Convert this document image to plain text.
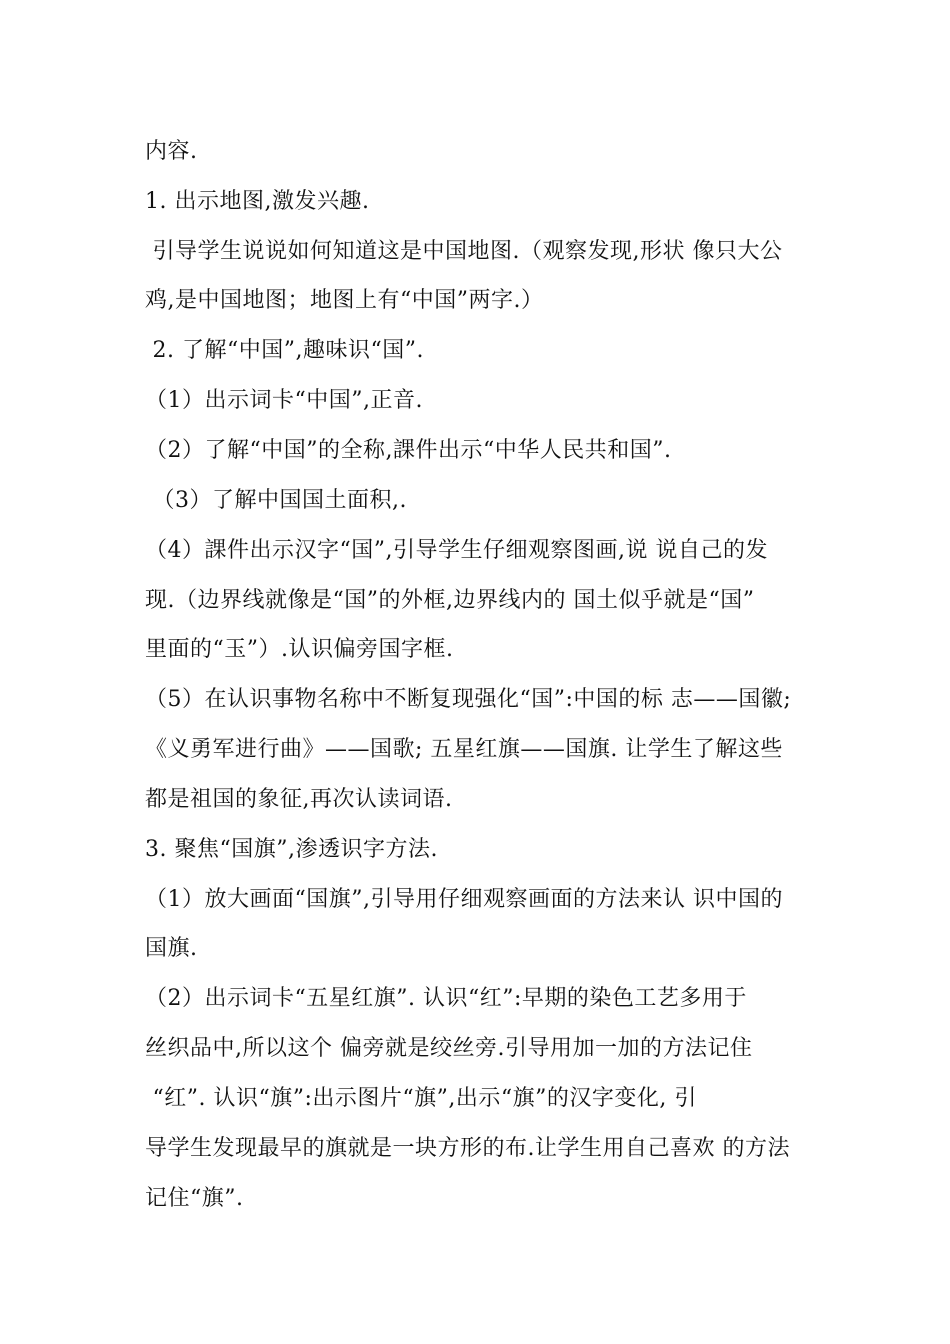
内容.
1. 出示地图,激发兴趣.
引导学生说说如何知道这是中国地图.（观察发现,形状 像只大公
鸡,是中国地图；地图上有“中国”两字.）
2. 了解“中国”,趣味识“国”.
（1）出示词卡“中国”,正音.
（2）了解“中国”的全称,課件出示“中华人民共和国”.
（3）了解中国国土面积,.
（4）課件出示汉字“国”,引导学生仔细观察图画,说 说自己的发
现.（边界线就像是“国”的外框,边界线内的 国土似乎就是“国”
里面的“玉”）.认识偏旁国字框.
（5）在认识事物名称中不断复现强化“国”:中国的标 志——国徽;
《义勇军进行曲》——国歌; 五星红旗——国旗. 让学生了解这些
都是祖国的象征,再次认读词语.
3. 聚焦“国旗”,渗透识字方法.
（1）放大画面“国旗”,引导用仔细观察画面的方法来认 识中国的
国旗.
（2）出示词卡“五星红旗”. 认识“红”:早期的染色工艺多用于
丝织品中,所以这个 偏旁就是绞丝旁.引导用加一加的方法记住
“红”. 认识“旗”:出示图片“旗”,出示“旗”的汉字变化, 引
导学生发现最早的旗就是一块方形的布.让学生用自己喜欢 的方法
记住“旗”.
